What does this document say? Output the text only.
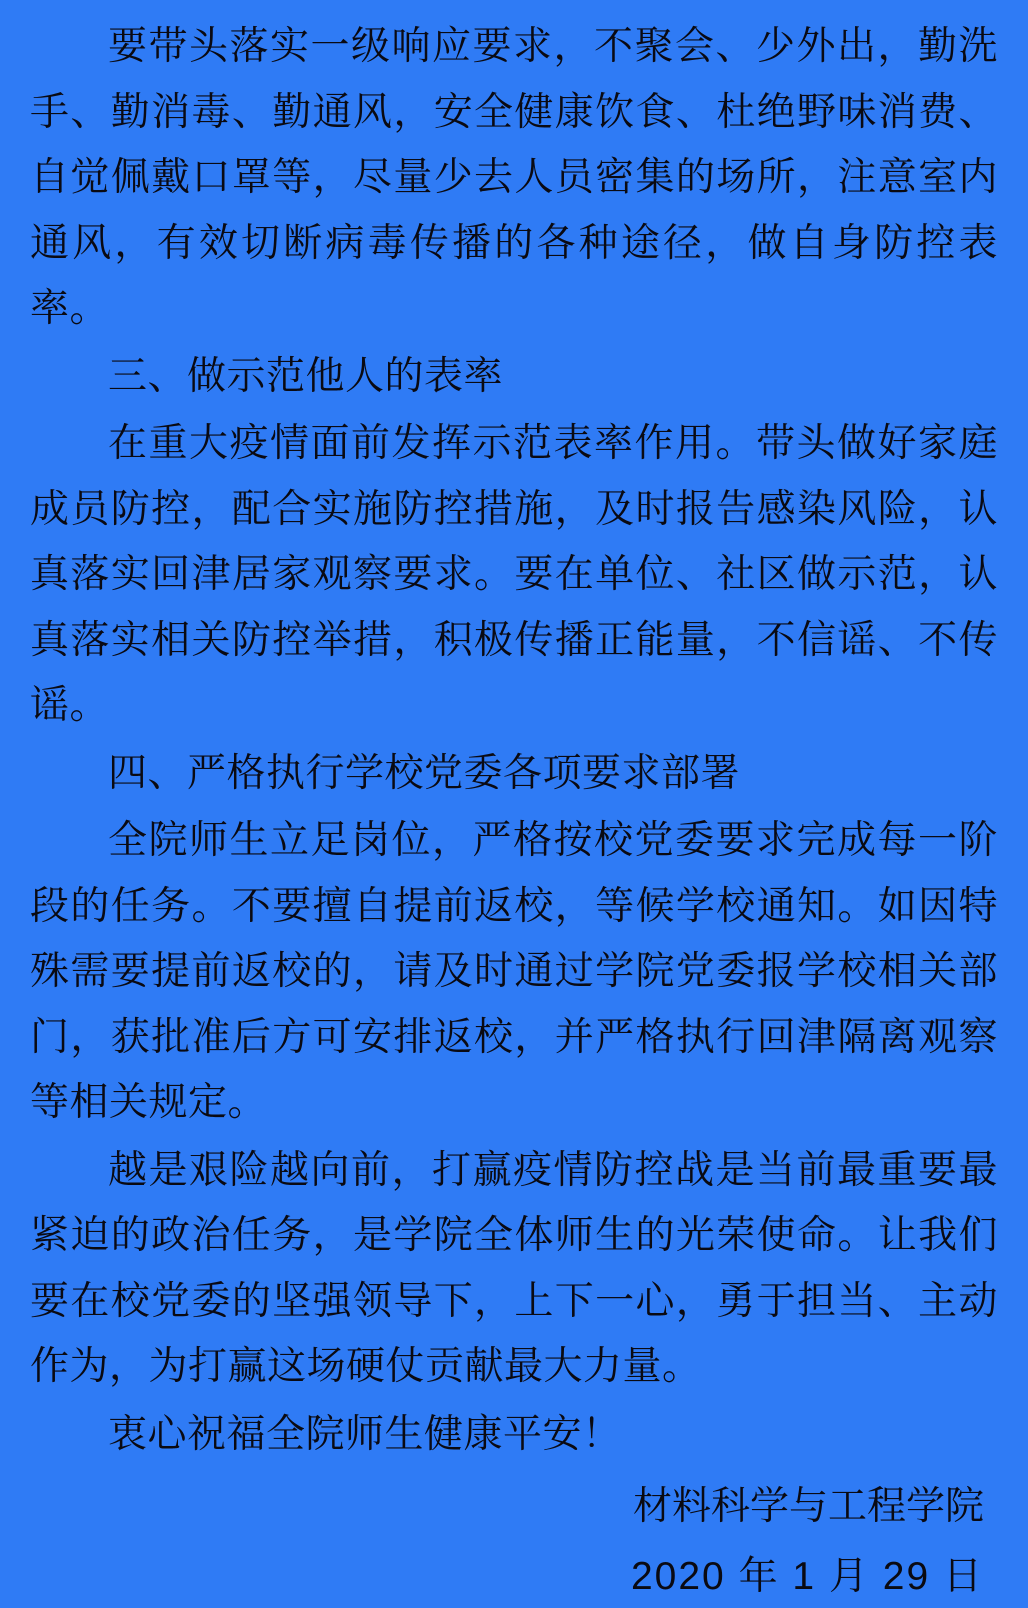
要带头落实一级响应要求，不聚会、少外出，勤洗手、勤消毒、勤通风，安全健康饮食、杜绝野味消费、自觉佩戴口罩等，尽量少去人员密集的场所，注意室内通风，有效切断病毒传播的各种途径，做自身防控表率。

三、做示范他人的表率

在重大疫情面前发挥示范表率作用。带头做好家庭成员防控，配合实施防控措施，及时报告感染风险，认真落实回津居家观察要求。要在单位、社区做示范，认真落实相关防控举措，积极传播正能量，不信谣、不传谣。

四、严格执行学校党委各项要求部署

全院师生立足岗位，严格按校党委要求完成每一阶段的任务。不要擅自提前返校，等候学校通知。如因特殊需要提前返校的，请及时通过学院党委报学校相关部门，获批准后方可安排返校，并严格执行回津隔离观察等相关规定。

越是艰险越向前，打赢疫情防控战是当前最重要最紧迫的政治任务，是学院全体师生的光荣使命。让我们要在校党委的坚强领导下，上下一心，勇于担当、主动作为，为打赢这场硬仗贡献最大力量。

衷心祝福全院师生健康平安！

材料科学与工程学院

2020 年 1 月 29 日
